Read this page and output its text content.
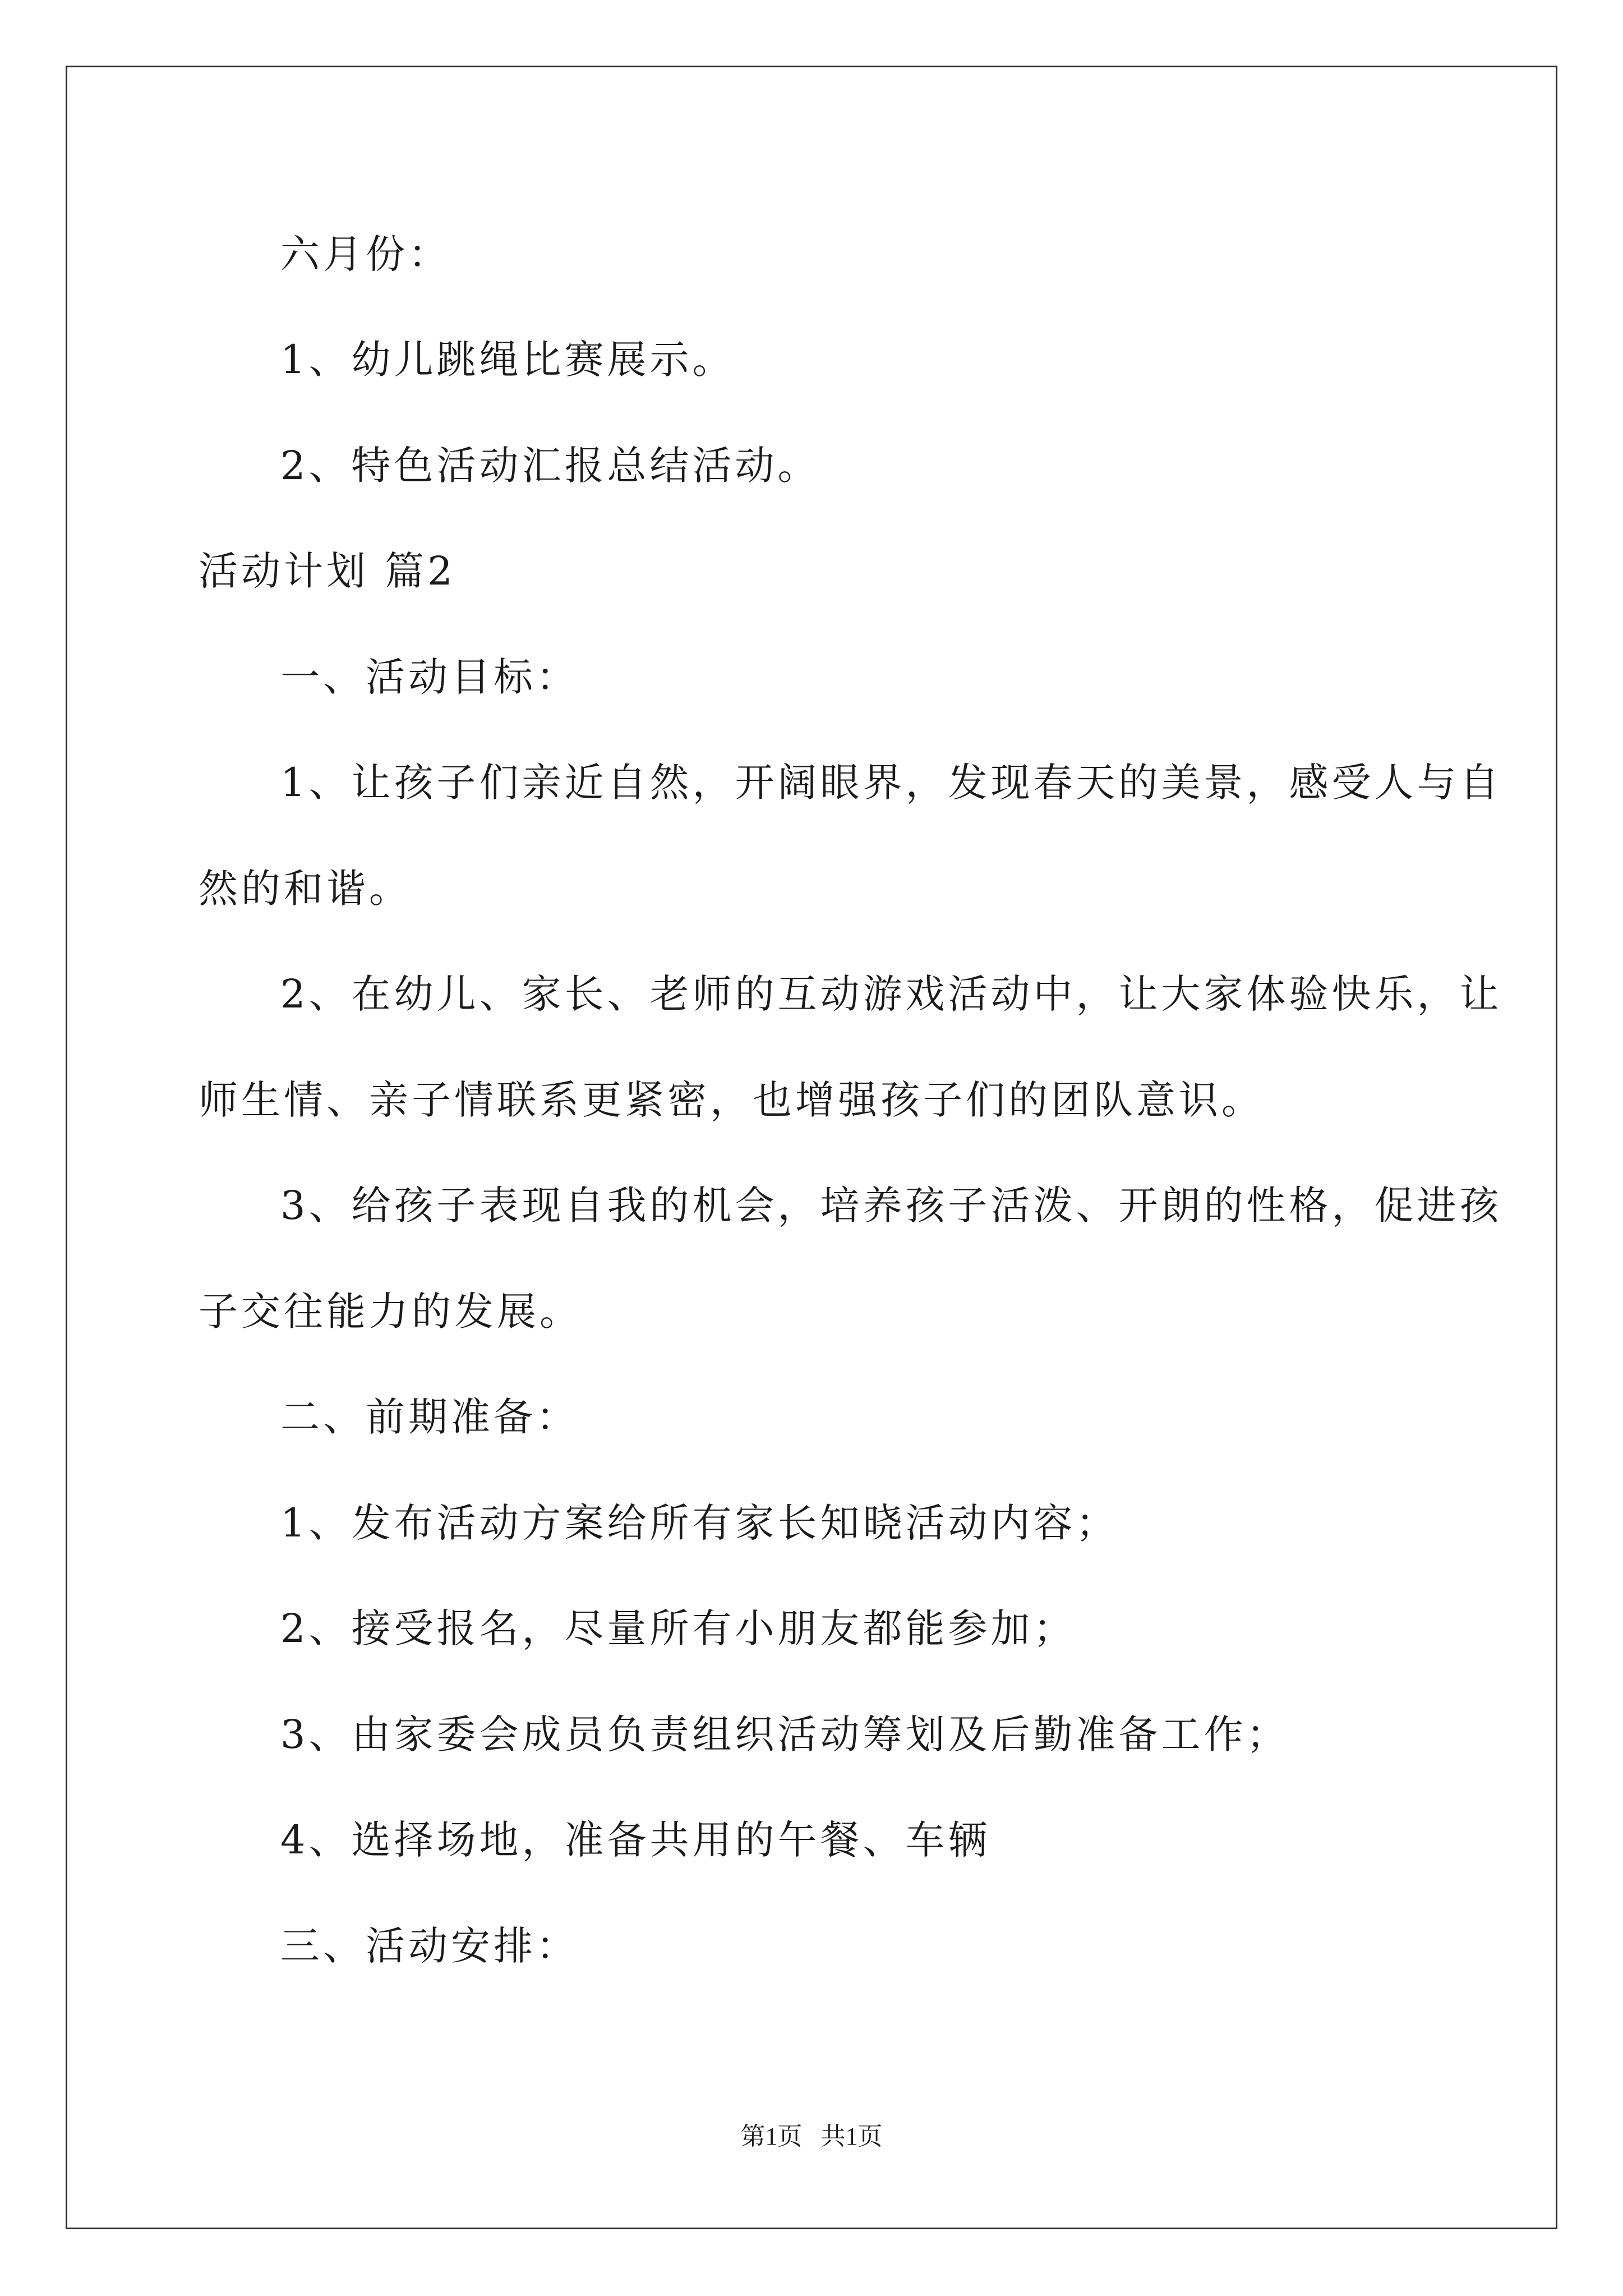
六月份：
1、幼儿跳绳比赛展示。
2、特色活动汇报总结活动。
活动计划 篇2
一、活动目标：
1、让孩子们亲近自然，开阔眼界，发现春天的美景，感受人与自
然的和谐。
2、在幼儿、家长、老师的互动游戏活动中，让大家体验快乐，让
师生情、亲子情联系更紧密，也增强孩子们的团队意识。
3、给孩子表现自我的机会，培养孩子活泼、开朗的性格，促进孩
子交往能力的发展。
二、前期准备：
1、发布活动方案给所有家长知晓活动内容；
2、接受报名，尽量所有小朋友都能参加；
3、由家委会成员负责组织活动筹划及后勤准备工作；
4、选择场地，准备共用的午餐、车辆
三、活动安排：
第1页   共1页
